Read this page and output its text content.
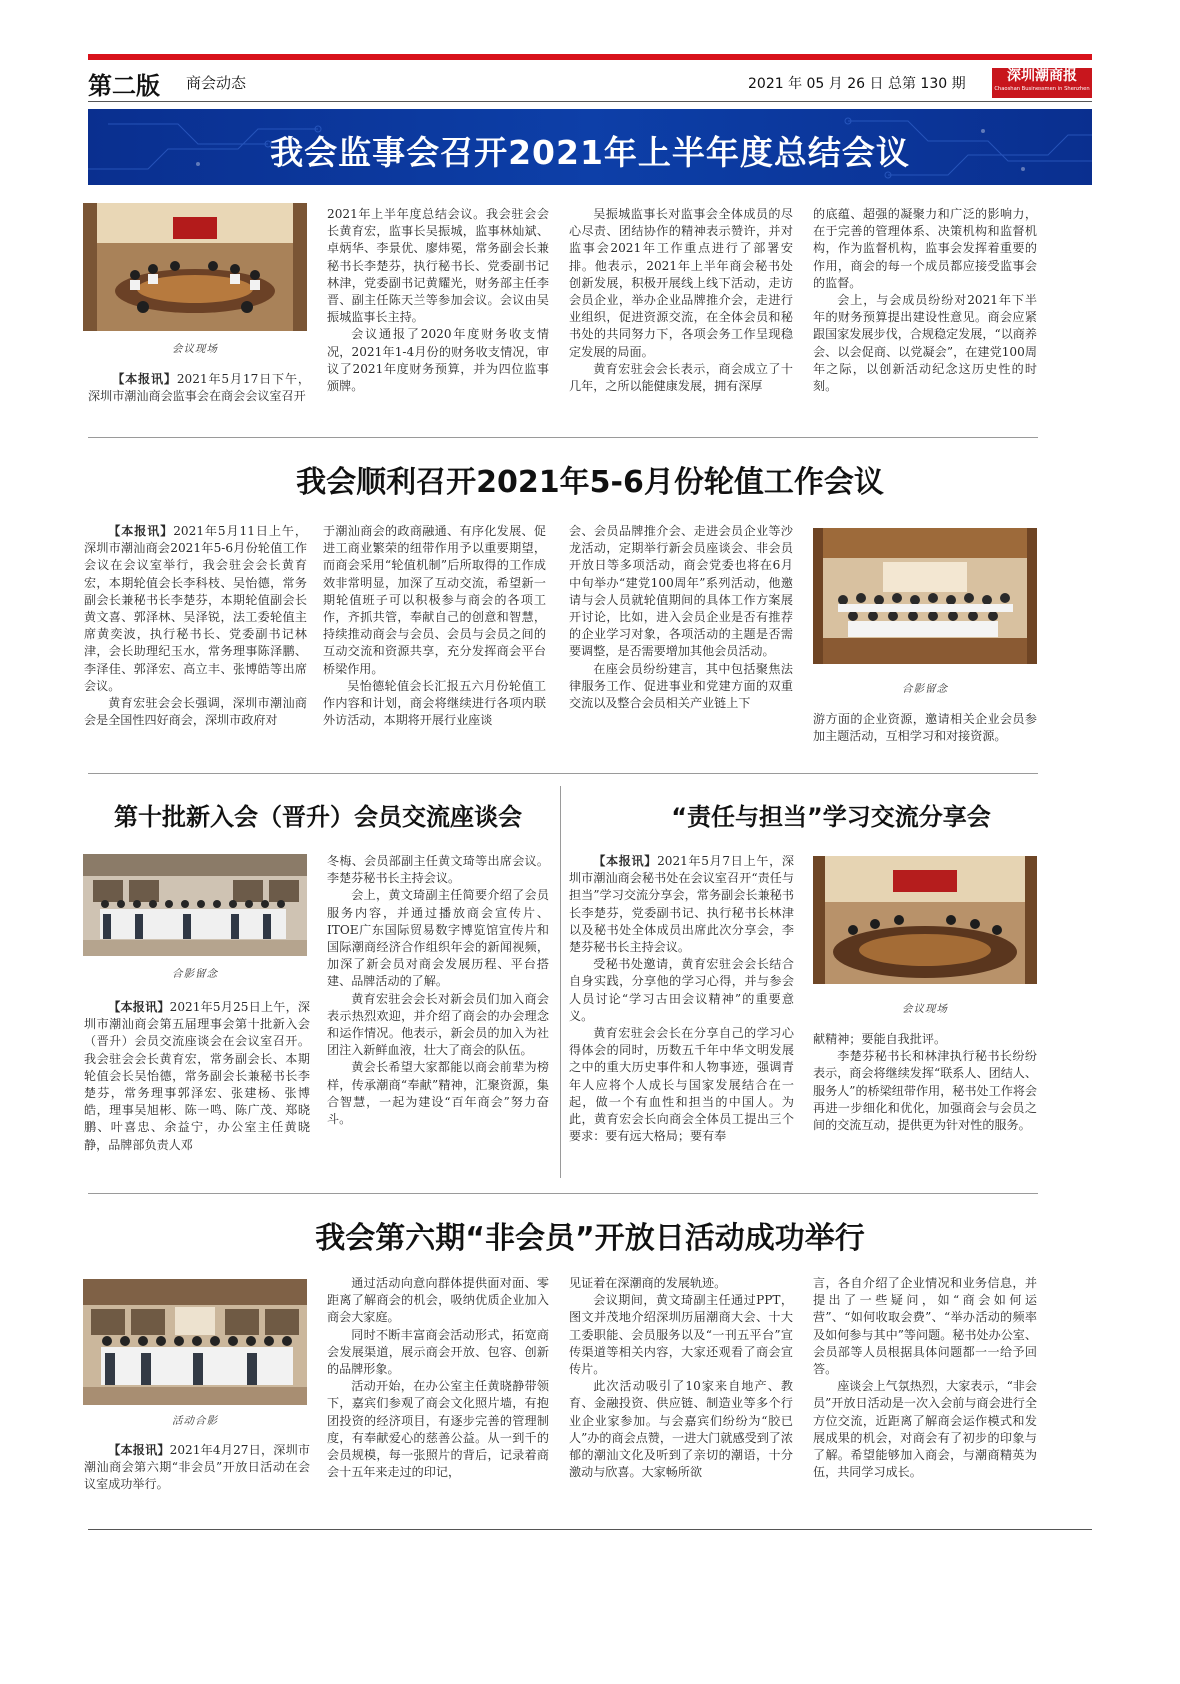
第二版 商会动态	2021 年 05 月 26 日 总第 130 期	深圳潮商报
Chaoshan Businessmen in Shenzhen
我会监事会召开2021年上半年度总结会议
会议现场

【本报讯】2021年5月17日下午，深圳市潮汕商会监事会在商会会议室召开

2021年上半年度总结会议。我会驻会会长黄育宏，监事长吴振城，监事林灿斌、卓炳华、李景优、廖炜冕，常务副会长兼秘书长李楚芬，执行秘书长、党委副书记林津，党委副书记黄耀光，财务部主任李晋、副主任陈天兰等参加会议。会议由吴振城监事长主持。

会议通报了2020年度财务收支情况，2021年1-4月份的财务收支情况，审议了2021年度财务预算，并为四位监事颁牌。

吴振城监事长对监事会全体成员的尽心尽责、团结协作的精神表示赞许，并对监事会2021年工作重点进行了部署安排。他表示，2021年上半年商会秘书处创新发展，积极开展线上线下活动，走访会员企业，举办企业品牌推介会，走进行业组织，促进资源交流，在全体会员和秘书处的共同努力下，各项会务工作呈现稳定发展的局面。

黄育宏驻会会长表示，商会成立了十几年，之所以能健康发展，拥有深厚

的底蕴、超强的凝聚力和广泛的影响力，在于完善的管理体系、决策机构和监督机构，作为监督机构，监事会发挥着重要的作用，商会的每一个成员都应接受监事会的监督。

会上，与会成员纷纷对2021年下半年的财务预算提出建设性意见。商会应紧跟国家发展步伐，合规稳定发展，“以商养会、以会促商、以党凝会”，在建党100周年之际，以创新活动纪念这历史性的时刻。

我会顺利召开2021年5-6月份轮值工作会议

【本报讯】2021年5月11日上午，深圳市潮汕商会2021年5-6月份轮值工作会议在会议室举行，我会驻会会长黄育宏，本期轮值会长李科枝、吴怡德，常务副会长兼秘书长李楚芬，本期轮值副会长黄文喜、郭泽林、吴泽锐，法工委轮值主席黄奕波，执行秘书长、党委副书记林津，会长助理纪玉水，常务理事陈泽鹏、李泽佳、郭泽宏、高立丰、张博皓等出席会议。

黄育宏驻会会长强调，深圳市潮汕商会是全国性四好商会，深圳市政府对

于潮汕商会的政商融通、有序化发展、促进工商业繁荣的纽带作用予以重要期望，而商会采用“轮值机制”后所取得的工作成效非常明显，加深了互动交流，希望新一期轮值班子可以积极参与商会的各项工作，齐抓共管，奉献自己的创意和智慧，持续推动商会与会员、会员与会员之间的互动交流和资源共享，充分发挥商会平台桥梁作用。

吴怡德轮值会长汇报五六月份轮值工作内容和计划，商会将继续进行各项内联外访活动，本期将开展行业座谈

会、会员品牌推介会、走进会员企业等沙龙活动，定期举行新会员座谈会、非会员开放日等多项活动，商会党委也将在6月中旬举办“建党100周年”系列活动，他邀请与会人员就轮值期间的具体工作方案展开讨论，比如，进入会员企业是否有推荐的企业学习对象，各项活动的主题是否需要调整，是否需要增加其他会员活动。

在座会员纷纷建言，其中包括聚焦法律服务工作、促进事业和党建方面的双重交流以及整合会员相关产业链上下

合影留念

游方面的企业资源，邀请相关企业会员参加主题活动，互相学习和对接资源。

第十批新入会（晋升）会员交流座谈会
合影留念

【本报讯】2021年5月25日上午，深圳市潮汕商会第五届理事会第十批新入会（晋升）会员交流座谈会在会议室召开。我会驻会会长黄育宏，常务副会长、本期轮值会长吴怡德，常务副会长兼秘书长李楚芬，常务理事郭泽宏、张建杨、张博皓，理事吴旭彬、陈一鸣、陈广茂、郑晓鹏、叶喜忠、余益宁，办公室主任黄晓静，品牌部负责人邓

冬梅、会员部副主任黄文琦等出席会议。李楚芬秘书长主持会议。

会上，黄文琦副主任简要介绍了会员服务内容，并通过播放商会宣传片、ITOE广东国际贸易数字博览馆宣传片和国际潮商经济合作组织年会的新闻视频，加深了新会员对商会发展历程、平台搭建、品牌活动的了解。

黄育宏驻会会长对新会员们加入商会表示热烈欢迎，并介绍了商会的办会理念和运作情况。他表示，新会员的加入为社团注入新鲜血液，壮大了商会的队伍。

黄会长希望大家都能以商会前辈为榜样，传承潮商“奉献”精神，汇聚资源，集合智慧，一起为建设“百年商会”努力奋斗。

“责任与担当”学习交流分享会

【本报讯】2021年5月7日上午，深圳市潮汕商会秘书处在会议室召开“责任与担当”学习交流分享会，常务副会长兼秘书长李楚芬，党委副书记、执行秘书长林津以及秘书处全体成员出席此次分享会，李楚芬秘书长主持会议。

受秘书处邀请，黄育宏驻会会长结合自身实践，分享他的学习心得，并与参会人员讨论“学习古田会议精神”的重要意义。

黄育宏驻会会长在分享自己的学习心得体会的同时，历数五千年中华文明发展之中的重大历史事件和人物事迹，强调青年人应将个人成长与国家发展结合在一起，做一个有血性和担当的中国人。为此，黄育宏会长向商会全体员工提出三个要求：要有远大格局；要有奉

会议现场

献精神；要能自我批评。

李楚芬秘书长和林津执行秘书长纷纷表示，商会将继续发挥“联系人、团结人、服务人”的桥梁纽带作用，秘书处工作将会再进一步细化和优化，加强商会与会员之间的交流互动，提供更为针对性的服务。

我会第六期“非会员”开放日活动成功举行
活动合影

【本报讯】2021年4月27日，深圳市潮汕商会第六期“非会员”开放日活动在会议室成功举行。

通过活动向意向群体提供面对面、零距离了解商会的机会，吸纳优质企业加入商会大家庭。

同时不断丰富商会活动形式，拓宽商会发展渠道，展示商会开放、包容、创新的品牌形象。

活动开始，在办公室主任黄晓静带领下，嘉宾们参观了商会文化照片墙，有抱团投资的经济项目，有逐步完善的管理制度，有奉献爱心的慈善公益。从一到千的会员规模，每一张照片的背后，记录着商会十五年来走过的印记，

见证着在深潮商的发展轨迹。

会议期间，黄文琦副主任通过PPT，图文并茂地介绍深圳历届潮商大会、十大工委职能、会员服务以及“一刊五平台”宣传渠道等相关内容，大家还观看了商会宣传片。

此次活动吸引了10家来自地产、教育、金融投资、供应链、制造业等多个行业企业家参加。与会嘉宾们纷纷为“胶已人”办的商会点赞，一进大门就感受到了浓郁的潮汕文化及听到了亲切的潮语，十分激动与欣喜。大家畅所欲

言，各自介绍了企业情况和业务信息，并提出了一些疑问，如“商会如何运营”、“如何收取会费”、“举办活动的频率及如何参与其中”等问题。秘书处办公室、会员部等人员根据具体问题都一一给予回答。

座谈会上气氛热烈，大家表示，“非会员”开放日活动是一次入会前与商会进行全方位交流，近距离了解商会运作模式和发展成果的机会，对商会有了初步的印象与了解。希望能够加入商会，与潮商精英为伍，共同学习成长。
